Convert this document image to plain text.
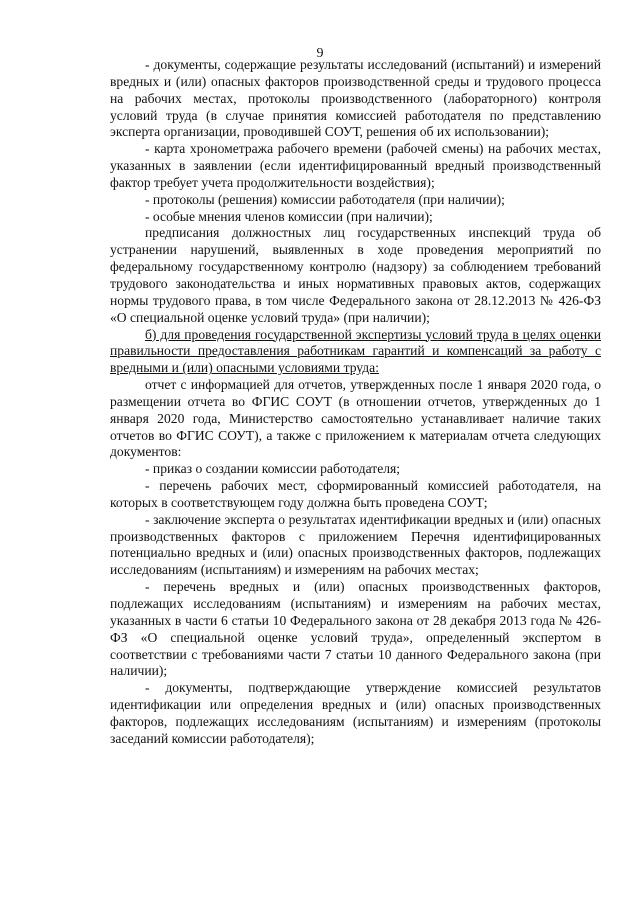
9

- документы, содержащие результаты исследований (испытаний) и измерений вредных и (или) опасных факторов производственной среды и трудового процесса на рабочих местах, протоколы производственного (лабораторного) контроля условий труда (в случае принятия комиссией работодателя по представлению эксперта организации, проводившей СОУТ, решения об их использовании);

- карта хронометража рабочего времени (рабочей смены) на рабочих местах, указанных в заявлении (если идентифицированный вредный производственный фактор требует учета продолжительности воздействия);

- протоколы (решения) комиссии работодателя (при наличии);

- особые мнения членов комиссии (при наличии);

предписания должностных лиц государственных инспекций труда об устранении нарушений, выявленных в ходе проведения мероприятий по федеральному государственному контролю (надзору) за соблюдением требований трудового законодательства и иных нормативных правовых актов, содержащих нормы трудового права, в том числе Федерального закона от 28.12.2013 № 426-ФЗ «О специальной оценке условий труда» (при наличии);

б) для проведения государственной экспертизы условий труда в целях оценки правильности предоставления работникам гарантий и компенсаций за работу с вредными и (или) опасными условиями труда:

отчет с информацией для отчетов, утвержденных после 1 января 2020 года, о размещении отчета во ФГИС СОУТ (в отношении отчетов, утвержденных до 1 января 2020 года, Министерство самостоятельно устанавливает наличие таких отчетов во ФГИС СОУТ), а также с приложением к материалам отчета следующих документов:

- приказ о создании комиссии работодателя;

- перечень рабочих мест, сформированный комиссией работодателя, на которых в соответствующем году должна быть проведена СОУТ;

- заключение эксперта о результатах идентификации вредных и (или) опасных производственных факторов с приложением Перечня идентифицированных потенциально вредных и (или) опасных производственных факторов, подлежащих исследованиям (испытаниям) и измерениям на рабочих местах;

- перечень вредных и (или) опасных производственных факторов, подлежащих исследованиям (испытаниям) и измерениям на рабочих местах, указанных в части 6 статьи 10 Федерального закона от 28 декабря 2013 года № 426-ФЗ «О специальной оценке условий труда», определенный экспертом в соответствии с требованиями части 7 статьи 10 данного Федерального закона (при наличии);

- документы, подтверждающие утверждение комиссией результатов идентификации или определения вредных и (или) опасных производственных факторов, подлежащих исследованиям (испытаниям) и измерениям (протоколы заседаний комиссии работодателя);
